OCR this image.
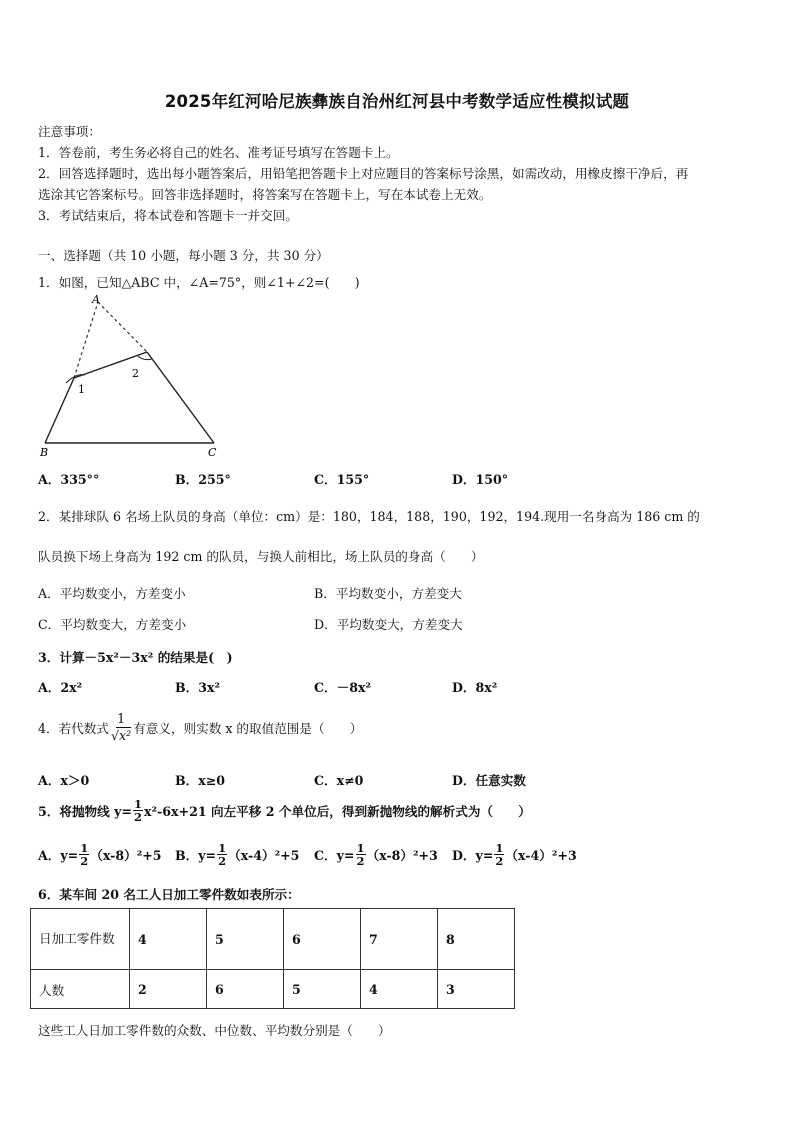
2025年红河哈尼族彝族自治州红河县中考数学适应性模拟试题
注意事项：
1．答卷前，考生务必将自己的姓名、准考证号填写在答题卡上。
2．回答选择题时，选出每小题答案后，用铅笔把答题卡上对应题目的答案标号涂黑，如需改动，用橡皮擦干净后，再
选涂其它答案标号。回答非选择题时，将答案写在答题卡上，写在本试卷上无效。
3．考试结束后，将本试卷和答题卡一并交回。
一、选择题（共 10 小题，每小题 3 分，共 30 分）
1．如图，已知△ABC 中，∠A=75°，则∠1+∠2=(　　)
A
B	C
1
2
A．335°°	B．255°	C．155°	D．150°
2．某排球队 6 名场上队员的身高（单位：cm）是：180，184，188，190，192，194.现用一名身高为 186 cm 的
队员换下场上身高为 192 cm 的队员，与换人前相比，场上队员的身高（　　）
A．平均数变小，方差变小	B．平均数变小，方差变大
C．平均数变大，方差变小	D．平均数变大，方差变大
3．计算－5x²－3x² 的结果是(　)
A．2x²	B．3x²	C．－8x²	D．8x²
4．若代数式 $\frac{1}{\text{√x²}}$ 有意义，则实数 x 的取值范围是（　　）
A．x＞0	B．x≥0	C．x≠0	D．任意实数
5．将抛物线 $y= \frac{1}{2} x^2-6x+21$ 向左平移 2 个单位后，得到新抛物线的解析式为（　　）
A．$y= \frac{1}{2} (x-8)^2+5$ B．$y= \frac{1}{2} (x-4)^2+5$ C．$y= \frac{1}{2} (x-8)^2+3$ D．$y= \frac{1}{2} (x-4)^2+3$
6．某车间 20 名工人日加工零件数如表所示：
日加工零件数	4	5	6	7	8
人数	2	6	5	4	3
这些工人日加工零件数的众数、中位数、平均数分别是（　　）
